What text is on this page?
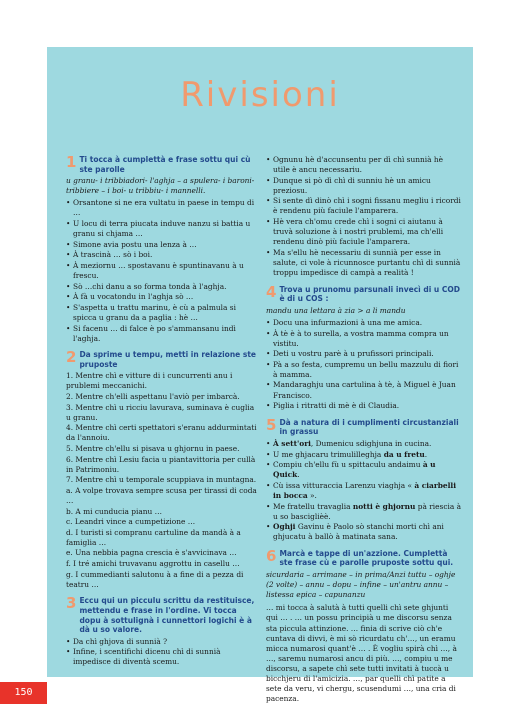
Rivisioni
1 Ti tocca à cumplettà e frase sottu qui cù ste parolle
u granu- i tribbiadori- l'aghja – a spulera- i baroni- tribbiere – i boi- u tribbiu- i mannelli.
• Orsantone si ne era vultatu in paese in tempu di …
• U locu di terra piucata induve nanzu si battia u granu si chjama …
• Simone avia postu una lenza à …
• À trascinà … sò i boi.
• À meziornu … spostavanu è spuntinavanu à u frescu.
• Sò …chi danu a so forma tonda à l'aghja.
• À fà u vocatondu in l'aghja sò …
• S'aspetta u trattu marinu, è cù a palmula si spicca u granu da a paglia : hè …
• Si facenu … di falce è po s'ammansanu indì l'aghja.
2 Da sprime u tempu, metti in relazione ste pruposte
1. Mentre chì e vitture di i cuncurrenti anu i prublemi meccanichi.
2. Mentre ch'elli aspettanu l'aviò per imbarcà.
3. Mentre chì u ricciu lavurava, suminava è cuglia u granu.
4. Mentre chì certi spettatori s'eranu addurmintati da l'annoiu.
5. Mentre ch'ellu si pisava u ghjornu in paese.
6. Mentre chì Lesiu facia u piantavittoria per cullà in Patrimoniu.
7. Mentre chì u temporale scuppiava in muntagna.
a. A volpe trovava sempre scusa per tirassi di coda …
b. A mi cunducia pianu …
c. Leandri vince a cumpetizione …
d. I turisti si compranu cartuline da mandà à a famiglia …
e. Una nebbia pagna crescia è s'avvicinava …
f. I tré amichi truvavanu aggrottu in casellu …
g. I cummedianti salutonu à a fine di a pezza di teatru …
3 Eccu qui un picculu scrittu da restituisce, mettendu e frase in l'ordine. Vi tocca dopu à sottulignà i cunnettori logichi è à dà u so valore.
• Da chì ghjova di sunnià ?
• Infine, i scentifichi dicenu chì di sunnià impedisce di diventà scemu.
• Ognunu hè d'accunsentu per dì chì sunnià hè utile è ancu necessariu.
• Dunque si pò dì chì di sunniu hè un amicu preziosu.
• Si sente dì dinò chì i sogni fissanu megliu i ricordi è rendenu più faciule l'amparera.
• Hè vera ch'omu crede chì i sogni ci aiutanu à truvà soluzione à i nostri prublemi, ma ch'elli rendenu dinò più faciule l'amparera.
• Ma s'ellu hè necessariu di sunnià per esse in salute, ci vole à ricunnosce purtantu chì di sunnià troppu impedisce di campà a realità !
4 Trova u prunomu parsunali invecì di u COD è di u COS :
mandu una lettara à zia > a li mandu
• Docu una infurmazioni à una me amica.
• À tè è à to surella, a vostra mamma compra un vistitu.
• Deti u vostru parè à u prufissori principali.
• Pà a so festa, cumpremu un bellu mazzulu di fiori à mamma.
• Mandaraghju una cartulina à tè, à Miguel è Juan Francisco.
• Piglia i ritratti di mè è di Claudia.
5 Dà a natura di i cumplimenti circustanziali in grassu
• À sett'ori, Dumenicu sdighjuna in cucina.
• U me ghjacaru trimulilleghja da u fretu.
• Compiu ch'ellu fù u spittaculu andaimu à u Quick.
• Cù issa vitturaccia Larenzu viaghja « à ciarbelli in bocca ».
• Me fratellu travaglia notti è ghjornu pà riescia à u so basciglièè.
• Oghji Gavinu è Paolo sò stanchi morti chì ani ghjucatu à ballò à matinata sana.
6 Marcà e tappe di un'azzione. Cumplettà ste frase cù e parolle pruposte sottu qui.
sicurdaria – arrimane – in prima/Anzi tuttu – oghje (2 volte) – annu – dopu – infine – un'antru annu – listessa epica – capunanzu
… mi tocca à salutà à tutti quelli chì sete ghjunti qui … . … un possu principià u me discorsu senza sta piccula attinzione. … finia di scrive ciò ch'e cuntava di divvi, è mi sò ricurdatu ch'…, un eramu micca numarosi quant'è … . È vogliu spirà chì …, à …, saremu numarosi ancu di più. …, compiu u me discorsu, a sapete chì sete tutti invitati à tuccà u bicchjeru di l'amicizia. …, par quelli chì patite a sete da veru, vi chergu, scusendumi …, una cria di pacenza.
150
